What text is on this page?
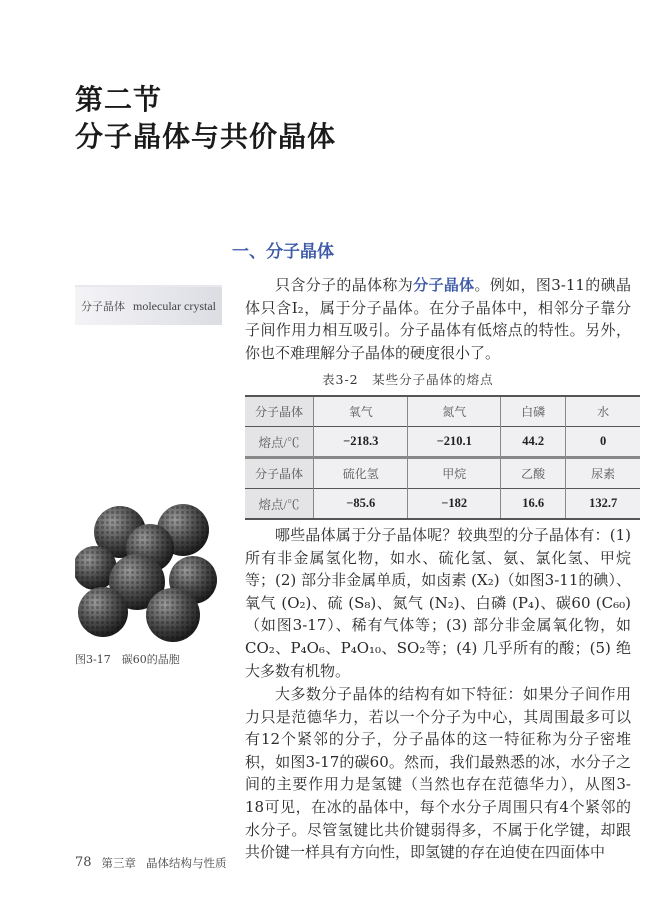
第二节
分子晶体与共价晶体
一、分子晶体
分子晶体 molecular crystal

只含分子的晶体称为分子晶体。例如，图3-11的碘晶体只含I₂，属于分子晶体。在分子晶体中，相邻分子靠分子间作用力相互吸引。分子晶体有低熔点的特性。另外，你也不难理解分子晶体的硬度很小了。

表3-2　某些分子晶体的熔点
分子晶体	氧气	氮气	白磷	水
熔点/℃	−218.3	−210.1	44.2	0
分子晶体	硫化氢	甲烷	乙酸	尿素
熔点/℃	−85.6	−182	16.6	132.7

哪些晶体属于分子晶体呢？较典型的分子晶体有：(1) 所有非金属氢化物，如水、硫化氢、氨、氯化氢、甲烷等；(2) 部分非金属单质，如卤素 (X₂)（如图3-11的碘）、氧气 (O₂)、硫 (S₈)、氮气 (N₂)、白磷 (P₄)、碳60 (C₆₀)（如图3-17）、稀有气体等；(3) 部分非金属氧化物，如CO₂、P₄O₆、P₄O₁₀、SO₂等；(4) 几乎所有的酸；(5) 绝大多数有机物。

大多数分子晶体的结构有如下特征：如果分子间作用力只是范德华力，若以一个分子为中心，其周围最多可以有12个紧邻的分子，分子晶体的这一特征称为分子密堆积，如图3-17的碳60。然而，我们最熟悉的冰，水分子之间的主要作用力是氢键（当然也存在范德华力），从图3-18可见，在冰的晶体中，每个水分子周围只有4个紧邻的水分子。尽管氢键比共价键弱得多，不属于化学键，却跟共价键一样具有方向性，即氢键的存在迫使在四面体中

图3-17　碳60的晶胞
78 第三章 晶体结构与性质
